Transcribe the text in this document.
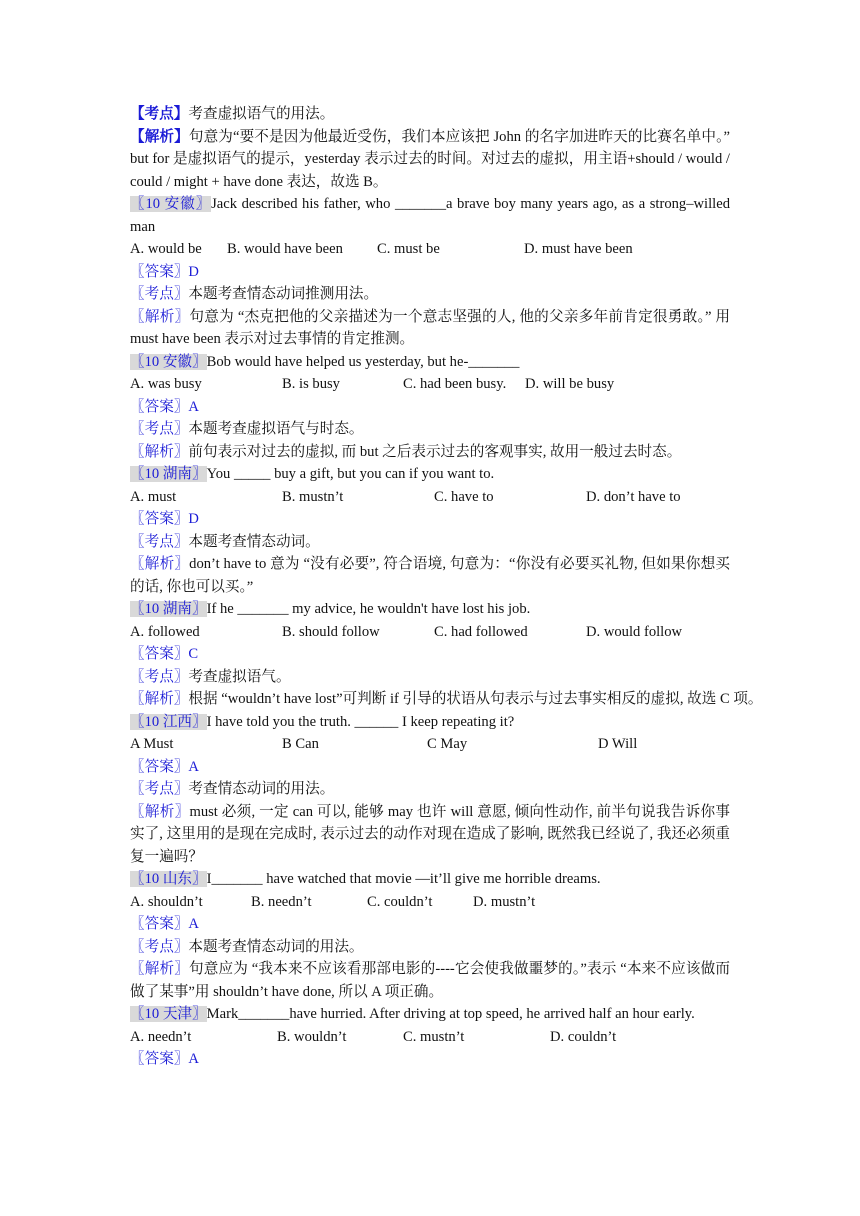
【考点】考查虚拟语气的用法。
【解析】句意为“要不是因为他最近受伤，我们本应该把 John 的名字加进昨天的比赛名单中。” but for 是虚拟语气的提示，yesterday 表示过去的时间。对过去的虚拟，用主语+should / would / could / might + have done 表达，故选 B。
〖10 安徽〗Jack described his father, who _______a brave boy many years ago, as a strong–willed man
A. would be	B. would have been	C. must be	D. must have been
〖答案〗D
〖考点〗本题考查情态动词推测用法。
〖解析〗句意为 “杰克把他的父亲描述为一个意志坚强的人, 他的父亲多年前肯定很勇敢。” 用 must have been 表示对过去事情的肯定推测。
〖10 安徽〗Bob would have helped us yesterday, but he-_______
A. was busy	B. is busy	C. had been busy.	D. will be busy
〖答案〗A
〖考点〗本题考查虚拟语气与时态。
〖解析〗前句表示对过去的虚拟, 而 but 之后表示过去的客观事实, 故用一般过去时态。
〖10 湖南〗You _____ buy a gift, but you can if you want to.
A. must	B. mustn’t	C. have to	D. don’t have to
〖答案〗D
〖考点〗本题考查情态动词。
〖解析〗don’t have to 意为 “没有必要”, 符合语境, 句意为：“你没有必要买礼物, 但如果你想买的话, 你也可以买。”
〖10 湖南〗If he _______ my advice, he wouldn't have lost his job.
A. followed	B. should follow	C. had followed	D. would follow
〖答案〗C
〖考点〗考查虚拟语气。
〖解析〗根据 “wouldn’t have lost”可判断 if 引导的状语从句表示与过去事实相反的虚拟, 故选 C 项。
〖10 江西〗I have told you the truth. ______ I keep repeating it?
A Must	B Can	C May	D Will
〖答案〗A
〖考点〗考查情态动词的用法。
〖解析〗must 必须, 一定 can 可以, 能够 may 也许 will 意愿, 倾向性动作, 前半句说我告诉你事实了, 这里用的是现在完成时, 表示过去的动作对现在造成了影响, 既然我已经说了, 我还必须重复一遍吗？
〖10 山东〗I_______ have watched that movie —it’ll give me horrible dreams.
A. shouldn’t	B. needn’t	C. couldn’t	D. mustn’t
〖答案〗A
〖考点〗本题考查情态动词的用法。
〖解析〗句意应为 “我本来不应该看那部电影的----它会使我做噩梦的。”表示 “本来不应该做而做了某事”用 shouldn’t have done, 所以 A 项正确。
〖10 天津〗Mark_______have hurried. After driving at top speed, he arrived half an hour early.
A. needn’t	B. wouldn’t	C. mustn’t	D. couldn’t
〖答案〗A
